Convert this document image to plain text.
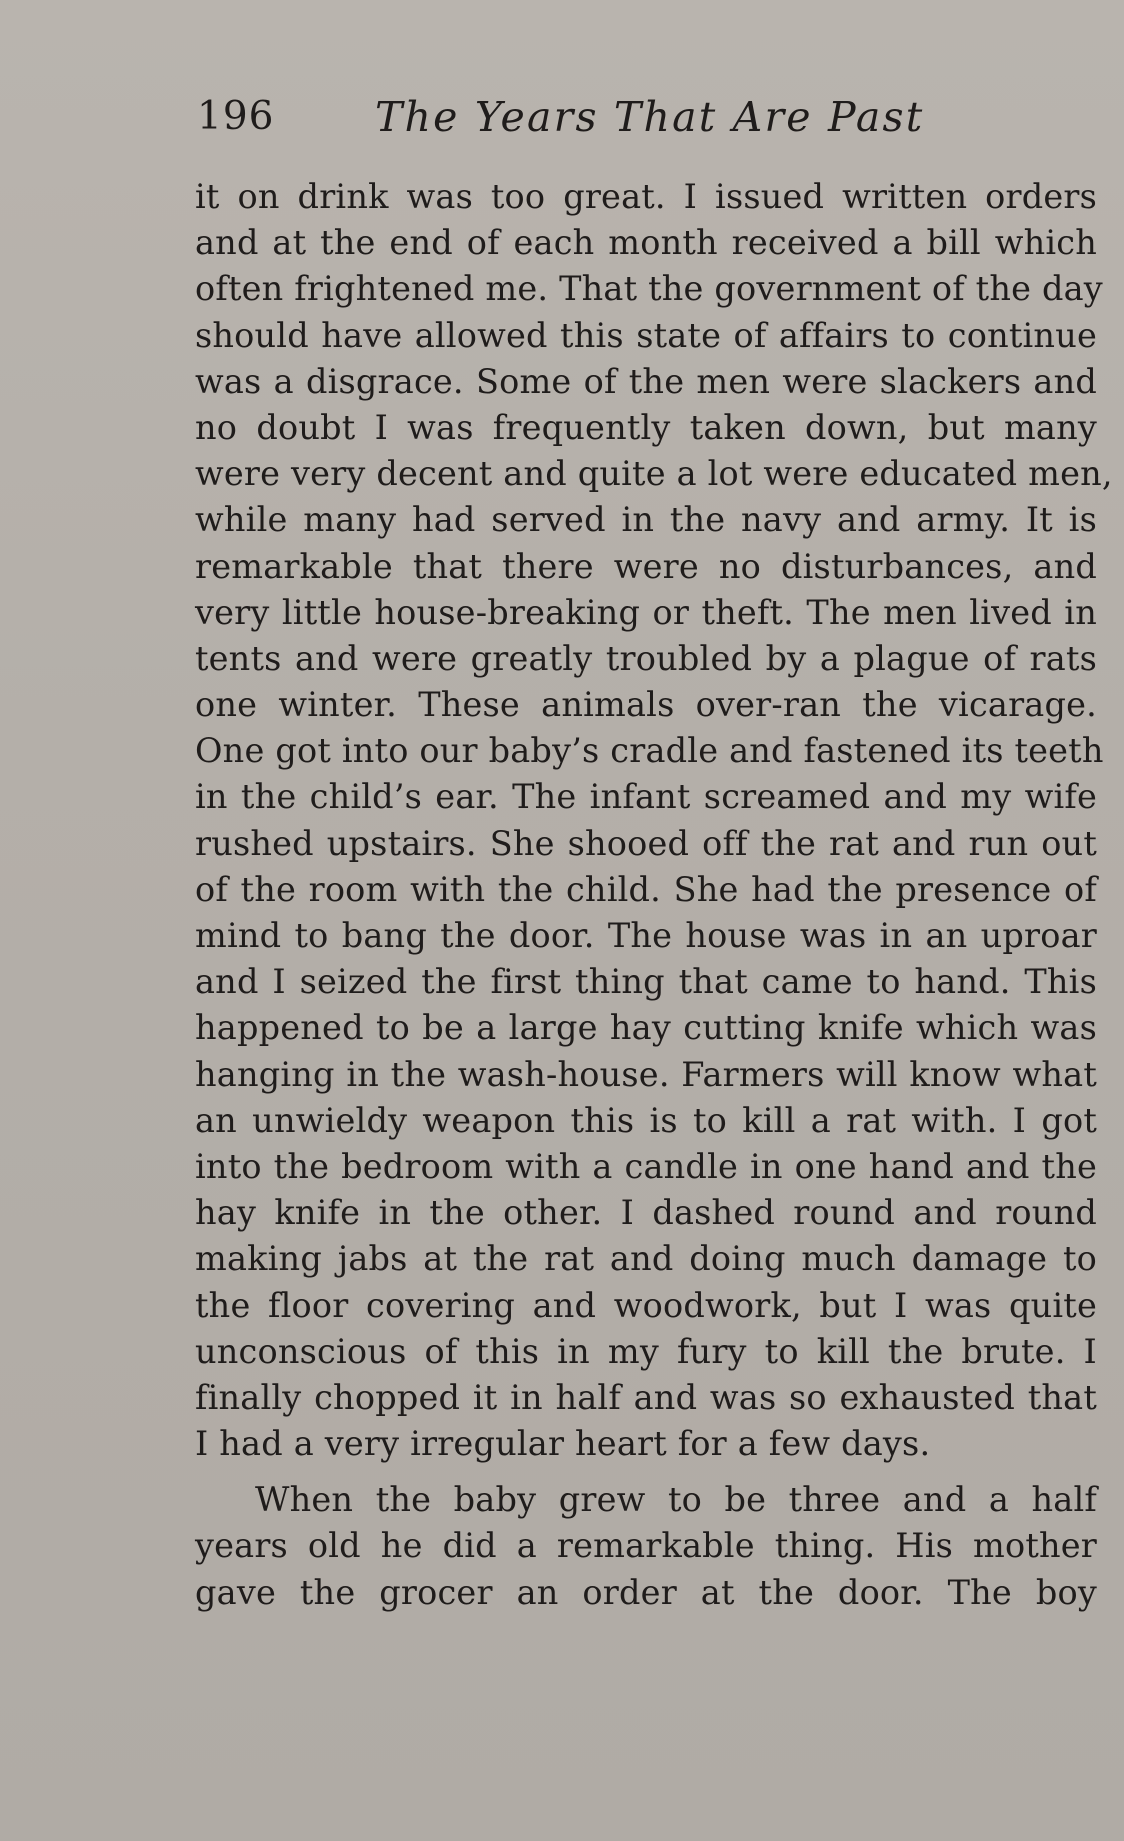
196 The Years That Are Past
it on drink was too great. I issued written orders
and at the end of each month received a bill which
often frightened me. That the government of the day
should have allowed this state of affairs to continue
was a disgrace. Some of the men were slackers and
no doubt I was frequently taken down, but many
were very decent and quite a lot were educated men,
while many had served in the navy and army. It is
remarkable that there were no disturbances, and
very little house-breaking or theft. The men lived in
tents and were greatly troubled by a plague of rats
one winter. These animals over-ran the vicarage.
One got into our baby’s cradle and fastened its teeth
in the child’s ear. The infant screamed and my wife
rushed upstairs. She shooed off the rat and run out
of the room with the child. She had the presence of
mind to bang the door. The house was in an uproar
and I seized the first thing that came to hand. This
happened to be a large hay cutting knife which was
hanging in the wash-house. Farmers will know what
an unwieldy weapon this is to kill a rat with. I got
into the bedroom with a candle in one hand and the
hay knife in the other. I dashed round and round
making jabs at the rat and doing much damage to
the floor covering and woodwork, but I was quite
unconscious of this in my fury to kill the brute. I
finally chopped it in half and was so exhausted that
I had a very irregular heart for a few days.
When the baby grew to be three and a half
years old he did a remarkable thing. His mother
gave the grocer an order at the door. The boy
